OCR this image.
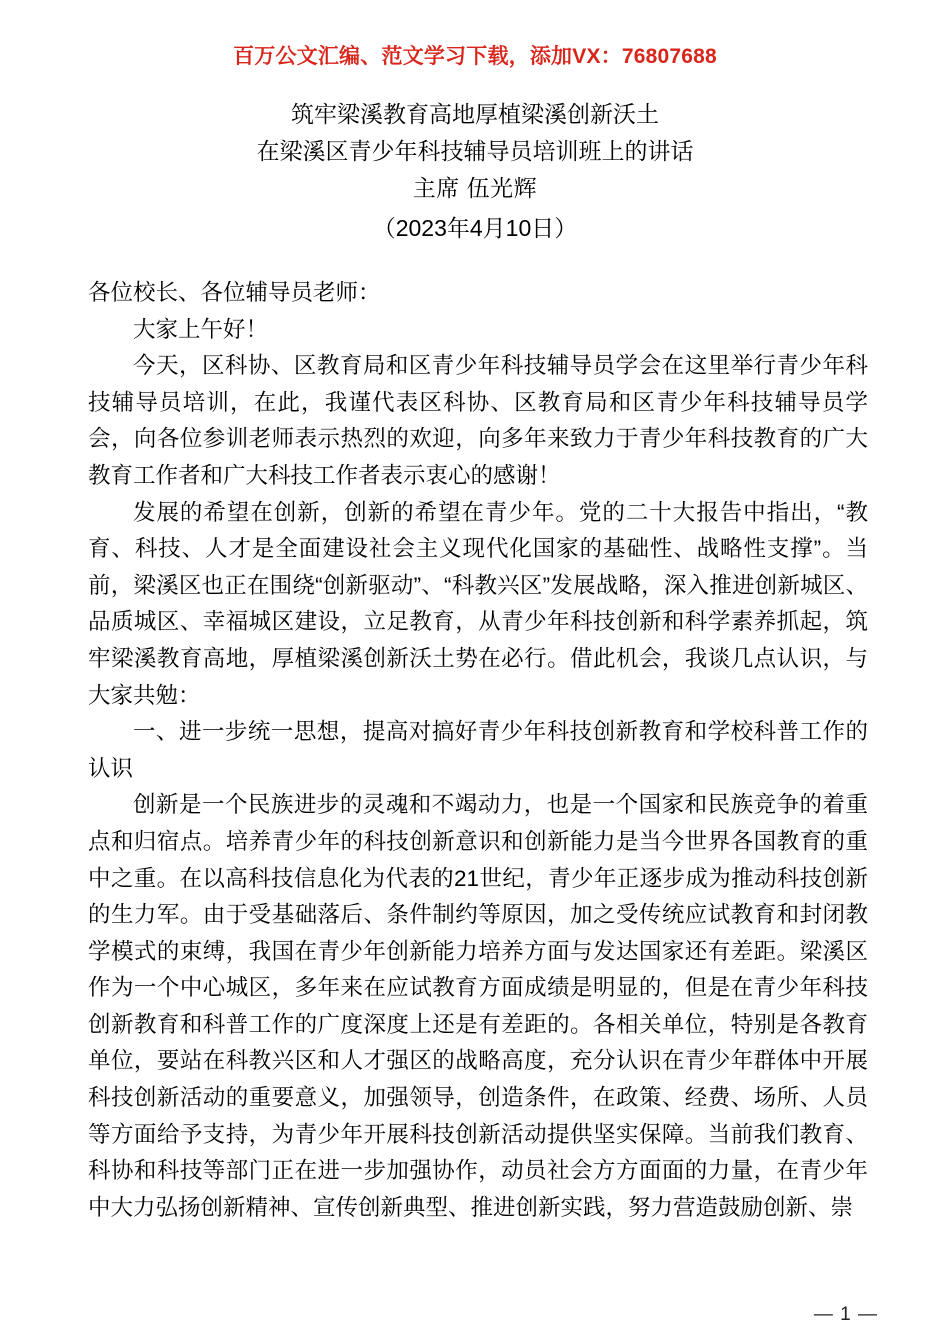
百万公文汇编、范文学习下载，添加VX：76807688
筑牢梁溪教育高地厚植梁溪创新沃土
在梁溪区青少年科技辅导员培训班上的讲话
主席 伍光辉
（2023年4月10日）

各位校长、各位辅导员老师：

大家上午好！

今天，区科协、区教育局和区青少年科技辅导员学会在这里举行青少年科技辅导员培训，在此，我谨代表区科协、区教育局和区青少年科技辅导员学会，向各位参训老师表示热烈的欢迎，向多年来致力于青少年科技教育的广大教育工作者和广大科技工作者表示衷心的感谢！

发展的希望在创新，创新的希望在青少年。党的二十大报告中指出，“教育、科技、人才是全面建设社会主义现代化国家的基础性、战略性支撑”。当前，梁溪区也正在围绕“创新驱动”、“科教兴区”发展战略，深入推进创新城区、品质城区、幸福城区建设，立足教育，从青少年科技创新和科学素养抓起，筑牢梁溪教育高地，厚植梁溪创新沃土势在必行。借此机会，我谈几点认识，与大家共勉：

一、进一步统一思想，提高对搞好青少年科技创新教育和学校科普工作的认识

创新是一个民族进步的灵魂和不竭动力，也是一个国家和民族竞争的着重点和归宿点。培养青少年的科技创新意识和创新能力是当今世界各国教育的重中之重。在以高科技信息化为代表的21世纪，青少年正逐步成为推动科技创新的生力军。由于受基础落后、条件制约等原因，加之受传统应试教育和封闭教学模式的束缚，我国在青少年创新能力培养方面与发达国家还有差距。梁溪区作为一个中心城区，多年来在应试教育方面成绩是明显的，但是在青少年科技创新教育和科普工作的广度深度上还是有差距的。各相关单位，特别是各教育单位，要站在科教兴区和人才强区的战略高度，充分认识在青少年群体中开展科技创新活动的重要意义，加强领导，创造条件，在政策、经费、场所、人员等方面给予支持，为青少年开展科技创新活动提供坚实保障。当前我们教育、科协和科技等部门正在进一步加强协作，动员社会方方面面的力量，在青少年中大力弘扬创新精神、宣传创新典型、推进创新实践，努力营造鼓励创新、崇

— 1 —
